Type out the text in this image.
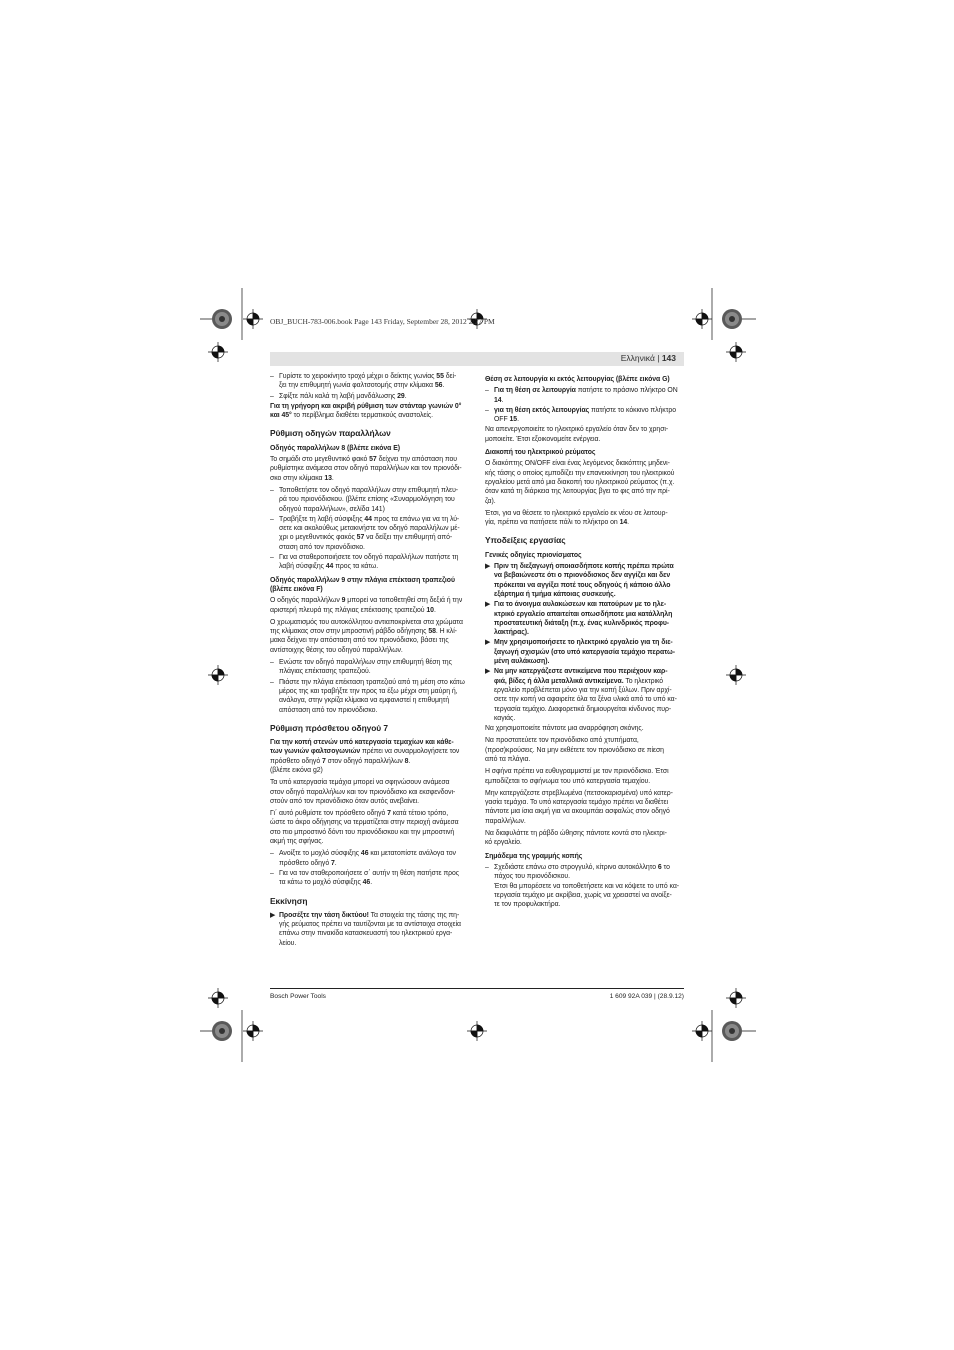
OBJ_BUCH-783-006.book Page 143 Friday, September 28, 2012 2:27 PM
Ελληνικά | 143
– Γυρίστε το χειροκίνητο τροχό μέχρι ο δείκτης γωνίας 55 δεί-
ξει την επιθυμητή γωνία φαλτσοτομής στην κλίμακα 56.
– Σφίξτε πάλι καλά τη λαβή μανδάλωσης 29.

Για τη γρήγορη και ακριβή ρύθμιση των στάνταρ γωνιών 0°
και 45° το περίβλημα διαθέτει τερματικούς αναστολείς.

Ρύθμιση οδηγών παραλλήλων
Οδηγός παραλλήλων 8 (βλέπε εικόνα E)

Το σημάδι στο μεγεθυντικό φακό 57 δείχνει την απόσταση που
ρυθμίστηκε ανάμεσα στον οδηγό παραλλήλων και τον πριονόδι-
σκο στην κλίμακα 13.

– Τοποθετήστε τον οδηγό παραλλήλων στην επιθυμητή πλευ-
ρά του πριονόδισκου. (βλέπε επίσης «Συναρμολόγηση του
οδηγού παραλλήλων», σελίδα 141)
– Τραβήξτε τη λαβή σύσφιξης 44 προς τα επάνω για να τη λύ-
σετε και ακολούθως μετακινήστε τον οδηγό παραλλήλων μέ-
χρι ο μεγεθυντικός φακός 57 να δείξει την επιθυμητή από-
σταση από τον πριονόδισκο.
– Για να σταθεροποιήσετε τον οδηγό παραλλήλων πατήστε τη
λαβή σύσφιξης 44 προς τα κάτω.
Οδηγός παραλλήλων 9 στην πλάγια επέκταση τραπεζιού
(βλέπε εικόνα F)

Ο οδηγός παραλλήλων 9 μπορεί να τοποθετηθεί στη δεξιά ή την
αριστερή πλευρά της πλάγιας επέκτασης τραπεζιού 10.

Ο χρωματισμός του αυτοκόλλητου αντιαποκρίνεται στα χρώματα
της κλίμακας στον στην μπροστινή ράβδο οδήγησης 58. Η κλί-
μακα δείχνει την απόσταση από τον πριονόδισκο, βάσει της
αντίστοιχης θέσης του οδηγού παραλλήλων.

– Ενώστε τον οδηγό παραλλήλων στην επιθυμητή θέση της
πλάγιας επέκτασης τραπεζιού.
– Πιάστε την πλάγια επέκταση τραπεζιού από τη μέση στο κάτω
μέρος της και τραβήξτε την προς τα έξω μέχρι στη μαύρη ή,
ανάλογα, στην γκρίζα κλίμακα να εμφανιστεί η επιθυμητή
απόσταση από τον πριονόδισκο.
Ρύθμιση πρόσθετου οδηγού 7

Για την κοπή στενών υπό κατεργασία τεμαχίων και κάθε-
των γωνιών φαλτσογωνιών πρέπει να συναρμολογήσετε τον
πρόσθετο οδηγό 7 στον οδηγό παραλλήλων 8.
(βλέπε εικόνα g2)

Τα υπό κατεργασία τεμάχια μπορεί να σφηνώσουν ανάμεσα
στον οδηγό παραλλήλων και τον πριονόδισκο και εκσφενδονι-
στούν από τον πριονόδισκο όταν αυτός ανεβαίνει.

Γι΄ αυτό ρυθμίστε τον πρόσθετο οδηγό 7 κατά τέτοιο τρόπο,
ώστε το άκρο οδήγησης να τερματίζεται στην περιοχή ανάμεσα
στο πιο μπροστινό δόντι του πριονόδισκου και την μπροστινή
ακμή της σφήνας.

– Ανοίξτε το μοχλό σύσφιξης 46 και μετατοπίστε ανάλογα τον
πρόσθετο οδηγό 7.
– Για να τον σταθεροποιήσετε σ΄ αυτήν τη θέση πατήστε προς
τα κάτω το μοχλό σύσφιξης 46.
Εκκίνηση
▶ Προσέξτε την τάση δικτύου! Τα στοιχεία της τάσης της πη-
γής ρεύματος πρέπει να ταυτίζονται με τα αντίστοιχα στοιχεία
επάνω στην πινακίδα κατασκευαστή του ηλεκτρικού εργα-
λείου.
Θέση σε λειτουργία κι εκτός λειτουργίας (βλέπε εικόνα G)
– Για τη θέση σε λειτουργία πατήστε το πράσινο πλήκτρο ON
14.
– για τη θέση εκτός λειτουργίας πατήστε το κόκκινο πλήκτρο
OFF 15.

Να απενεργοποιείτε το ηλεκτρικό εργαλείο όταν δεν το χρησι-
μοποιείτε. Έτσι εξοικονομείτε ενέργεια.

Διακοπή του ηλεκτρικού ρεύματος

Ο διακόπτης ON/OFF είναι ένας λεγόμενος διακόπτης μηδενι-
κής τάσης ο οποίος εμποδίζει την επανεκκίνηση του ηλεκτρικού
εργαλείου μετά από μια διακοπή του ηλεκτρικού ρεύματος (π.χ.
όταν κατά τη διάρκεια της λειτουργίας βγει το φις από την πρί-
ζα).

Έτσι, για να θέσετε το ηλεκτρικό εργαλείο εκ νέου σε λειτουρ-
γία, πρέπει να πατήσετε πάλι το πλήκτρο on 14.

Υποδείξεις εργασίας
Γενικές οδηγίες πριονίσματος
▶ Πριν τη διεξαγωγή οποιασδήποτε κοπής πρέπει πρώτα
να βεβαιώνεστε ότι ο πριονόδισκος δεν αγγίζει και δεν
πρόκειται να αγγίξει ποτέ τους οδηγούς ή κάποιο άλλο
εξάρτημα ή τμήμα κάποιας συσκευής.
▶ Για το άνοιγμα αυλακώσεων και πατούρων με το ηλε-
κτρικό εργαλείο απαιτείται οπωσδήποτε μια κατάλληλη
προστατευτική διάταξη (π.χ. ένας κυλινδρικός προφυ-
λακτήρας).
▶ Μην χρησιμοποιήσετε το ηλεκτρικό εργαλείο για τη διε-
ξαγωγή σχισμών (στο υπό κατεργασία τεμάχιο περατω-
μένη αυλάκωση).
▶ Να μην κατεργάζεστε αντικείμενα που περιέχουν καρ-
φιά, βίδες ή άλλα μεταλλικά αντικείμενα. Το ηλεκτρικό
εργαλείο προβλέπεται μόνο για την κοπή ξύλων. Πριν αρχί-
σετε την κοπή να αφαιρείτε όλα τα ξένα υλικά από το υπό κα-
τεργασία τεμάχιο. Διαφορετικά δημιουργείται κίνδυνος πυρ-
καγιάς.

Να χρησιμοποιείτε πάντοτε μια αναρρόφηση σκόνης.

Να προστατεύετε τον πριονόδισκο από χτυπήματα,
(προσ)κρούσεις. Να μην εκθέτετε τον πριονόδισκο σε πίεση
από τα πλάγια.

Η σφήνα πρέπει να ευθυγραμμιστεί με τον πριονόδισκο. Έτσι
εμποδίζεται το σφήνωμα του υπό κατεργασία τεμαχίου.

Μην κατεργάζεστε στρεβλωμένα (πετσοκαρισμένα) υπό κατερ-
γασία τεμάχια. Το υπό κατεργασία τεμάχιο πρέπει να διαθέτει
πάντοτε μια ίσια ακμή για να ακουμπάει ασφαλώς στον οδηγό
παραλλήλων.

Να διαφυλάττε τη ράβδο ώθησης πάντοτε κοντά στο ηλεκτρι-
κό εργαλείο.

Σημάδεμα της γραμμής κοπής
– Σχεδιάστε επάνω στο στρογγυλό, κίτρινο αυτοκόλλητο 6 το
πάχος του πριονόδισκου.
Έτσι θα μπορέσετε να τοποθετήσετε και να κόψετε το υπό κα-
τεργασία τεμάχιο με ακρίβεια, χωρίς να χρειαστεί να ανοίξε-
τε τον προφυλακτήρα.
Bosch Power Tools	1 609 92A 039 | (28.9.12)
